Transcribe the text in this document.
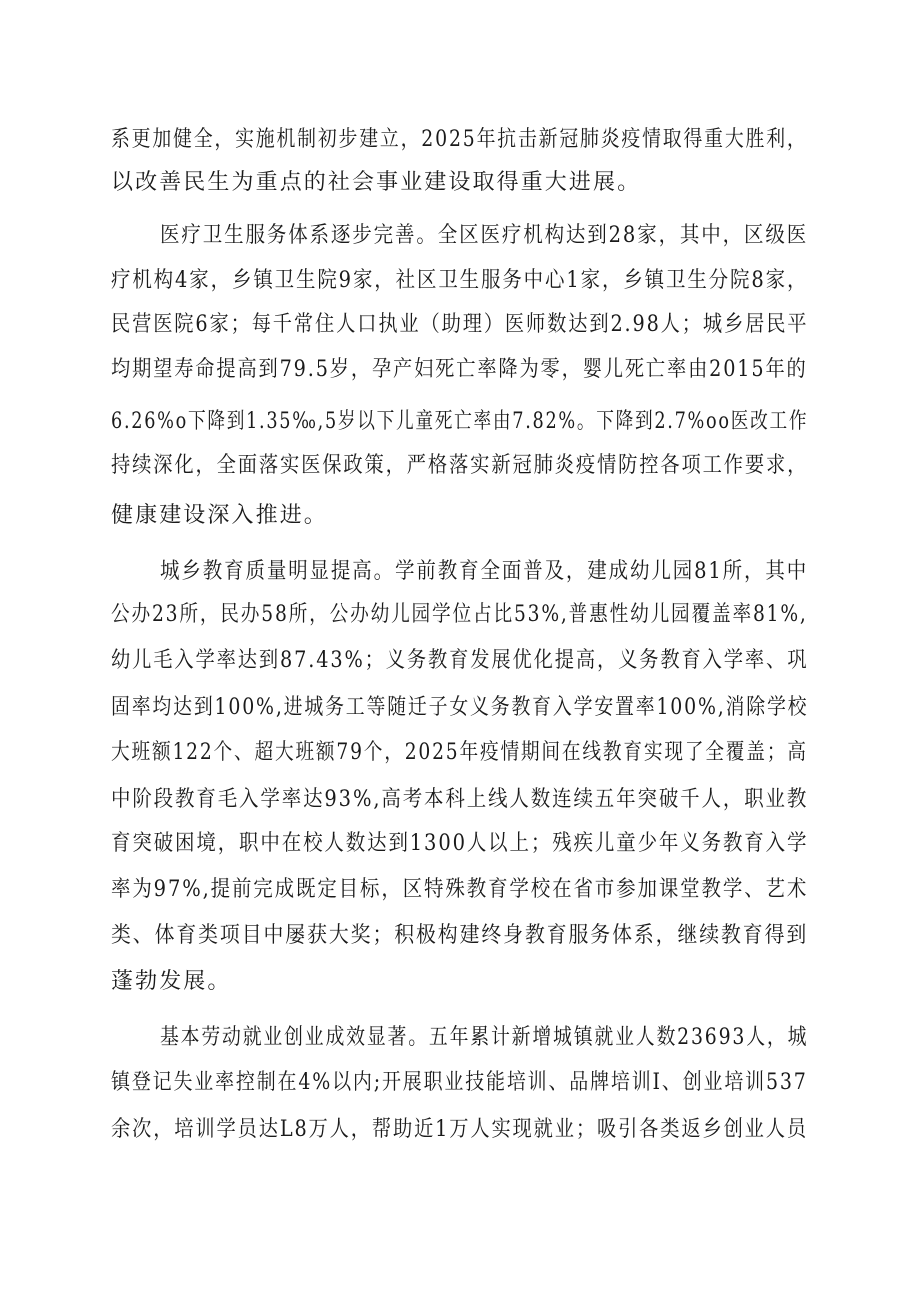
系更加健全，实施机制初步建立，2025年抗击新冠肺炎疫情取得重大胜利，
以改善民生为重点的社会事业建设取得重大进展。
医疗卫生服务体系逐步完善。全区医疗机构达到28家，其中，区级医
疗机构4家，乡镇卫生院9家，社区卫生服务中心1家，乡镇卫生分院8家，
民营医院6家；每千常住人口执业（助理）医师数达到2.98人；城乡居民平
均期望寿命提高到79.5岁，孕产妇死亡率降为零，婴儿死亡率由2015年的
6.26%o下降到1.35‰,5岁以下儿童死亡率由7.82%。下降到2.7%oo医改工作
持续深化，全面落实医保政策，严格落实新冠肺炎疫情防控各项工作要求，
健康建设深入推进。
城乡教育质量明显提高。学前教育全面普及，建成幼儿园81所，其中
公办23所，民办58所，公办幼儿园学位占比53%,普惠性幼儿园覆盖率81%,
幼儿毛入学率达到87.43%；义务教育发展优化提高，义务教育入学率、巩
固率均达到100%,进城务工等随迁子女义务教育入学安置率100%,消除学校
大班额122个、超大班额79个，2025年疫情期间在线教育实现了全覆盖；高
中阶段教育毛入学率达93%,高考本科上线人数连续五年突破千人，职业教
育突破困境，职中在校人数达到1300人以上；残疾儿童少年义务教育入学
率为97%,提前完成既定目标，区特殊教育学校在省市参加课堂教学、艺术
类、体育类项目中屡获大奖；积极构建终身教育服务体系，继续教育得到
蓬勃发展。
基本劳动就业创业成效显著。五年累计新增城镇就业人数23693人，城
镇登记失业率控制在4%以内;开展职业技能培训、品牌培训I、创业培训537
余次，培训学员达L8万人，帮助近1万人实现就业；吸引各类返乡创业人员
